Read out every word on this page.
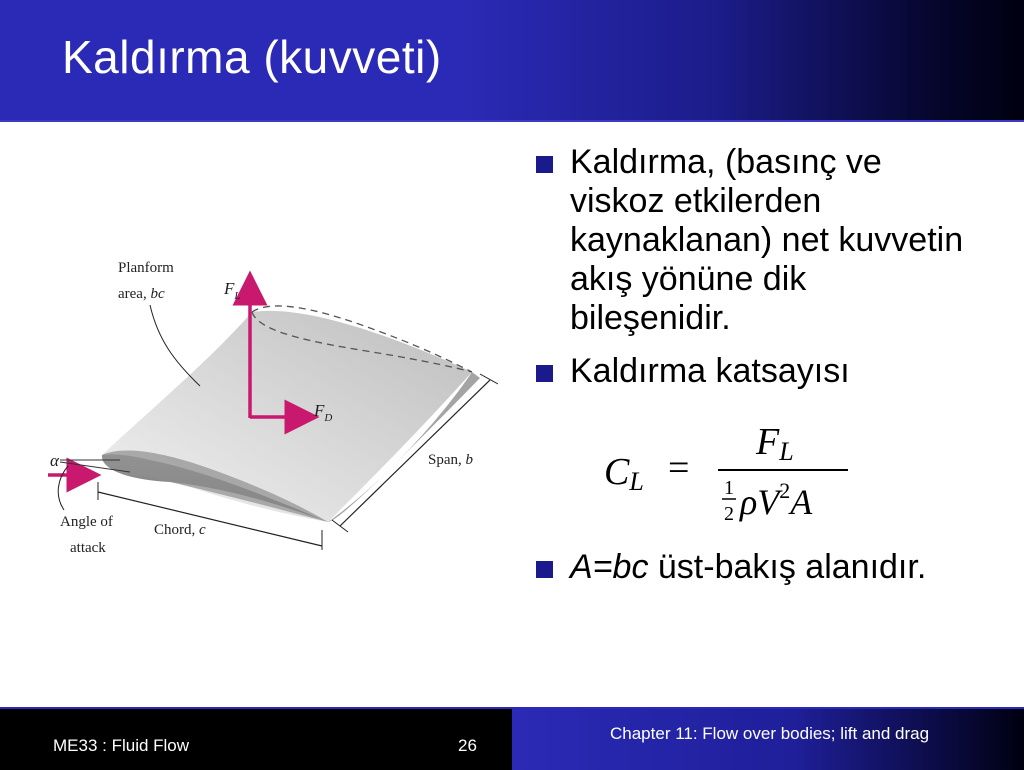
Kaldırma (kuvveti)
Planform
area, bc	$F_L$
$F_D$
α	Span, b
Angle of
attack
Chord, c
Kaldırma, (basınç ve viskoz etkilerden kaynaklanan) net kuvvetin akış yönüne dik bileşenidir.
Kaldırma katsayısı
A=bc üst-bakış alanıdır.
CL =
FL
1
2 $\rho V^2A$
ME33 : Fluid Flow	26
Chapter 11: Flow over bodies; lift and drag
